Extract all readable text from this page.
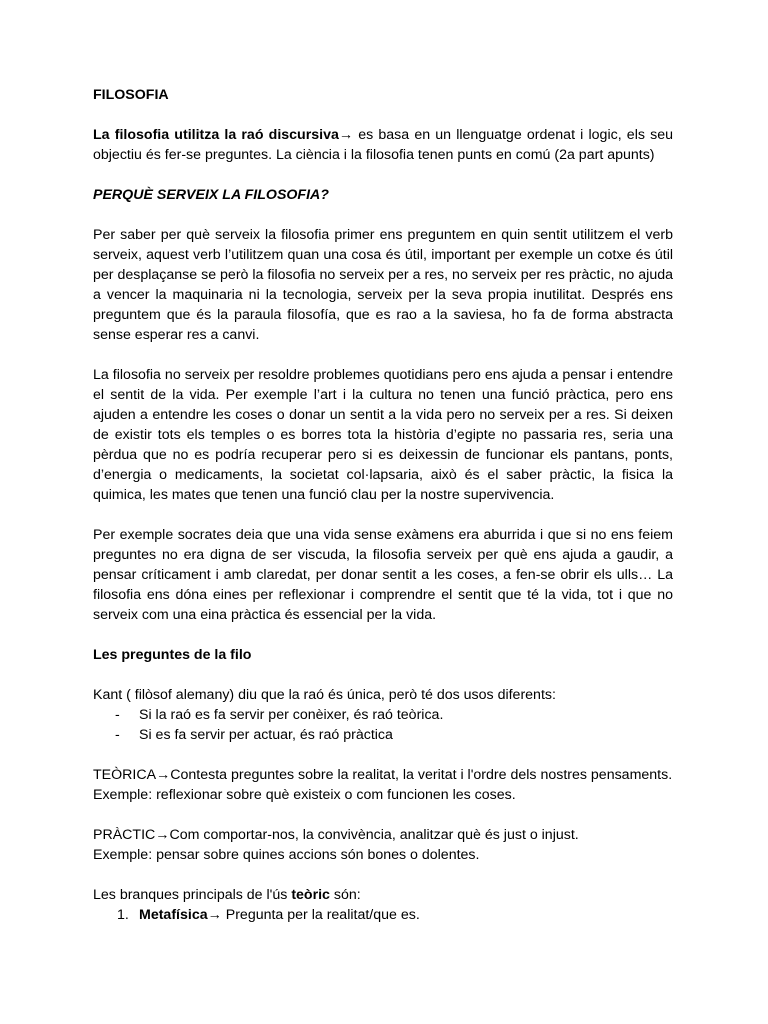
FILOSOFIA

La filosofia utilitza la raó discursiva→ es basa en un llenguatge ordenat i logic, els seu objectiu és fer-se preguntes. La ciència i la filosofia tenen punts en comú (2a part apunts)

PERQUÈ SERVEIX LA FILOSOFIA?

Per saber per què serveix la filosofia primer ens preguntem en quin sentit utilitzem el verb serveix, aquest verb l’utilitzem quan una cosa és útil, important per exemple un cotxe és útil per desplaçanse se però la filosofia no serveix per a res, no serveix per res pràctic, no ajuda a vencer la maquinaria ni la tecnologia, serveix per la seva propia inutilitat. Després ens preguntem que és la paraula filosofía, que es rao a la saviesa, ho fa de forma abstracta sense esperar res a canvi.

La filosofia no serveix per resoldre problemes quotidians pero ens ajuda a pensar i entendre el sentit de la vida. Per exemple l’art i la cultura no tenen una funció pràctica, pero ens ajuden a entendre les coses o donar un sentit a la vida pero no serveix per a res. Si deixen de existir tots els temples o es borres tota la història d’egipte no passaria res, seria una pèrdua que no es podría recuperar pero si es deixessin de funcionar els pantans, ponts, d’energia o medicaments, la societat col·lapsaria, això és el saber pràctic, la fisica la quimica, les mates que tenen una funció clau per la nostre supervivencia.

Per exemple socrates deia que una vida sense exàmens era aburrida i que si no ens feiem preguntes no era digna de ser viscuda, la filosofia serveix per què ens ajuda a gaudir, a pensar críticament i amb claredat, per donar sentit a les coses, a fen-se obrir els ulls… La filosofia ens dóna eines per reflexionar i comprendre el sentit que té la vida, tot i que no serveix com una eina pràctica és essencial per la vida.

Les preguntes de la filo

Kant ( filòsof alemany) diu que la raó és única, però té dos usos diferents:

- Si la raó es fa servir per conèixer, és raó teòrica.
- Si es fa servir per actuar, és raó pràctica

TEÒRICA→Contesta preguntes sobre la realitat, la veritat i l'ordre dels nostres pensaments.

Exemple: reflexionar sobre què existeix o com funcionen les coses.

PRÀCTIC→Com comportar-nos, la convivència, analitzar què és just o injust.

Exemple: pensar sobre quines accions són bones o dolentes.

Les branques principals de l'ús teòric són:

1. Metafísica→ Pregunta per la realitat/que es.
